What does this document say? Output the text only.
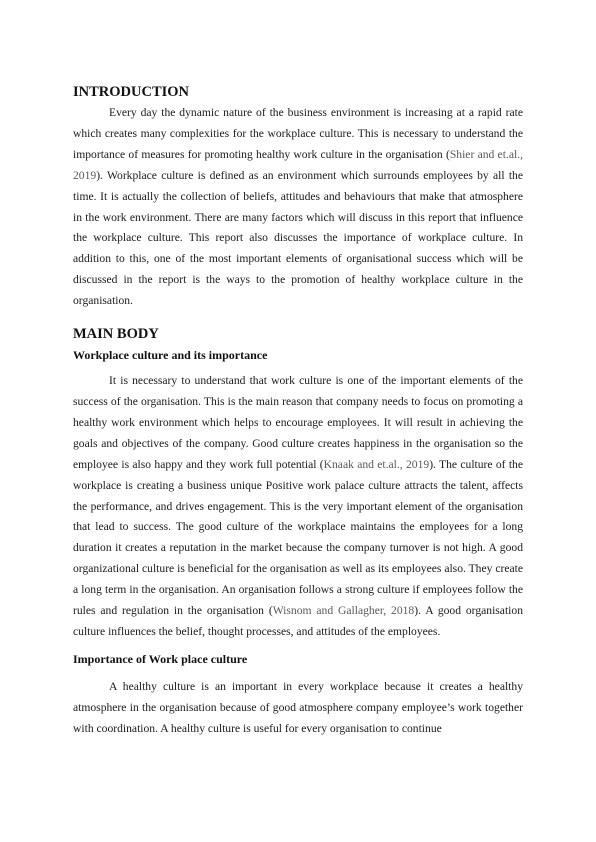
INTRODUCTION

Every day the dynamic nature of the business environment is increasing at a rapid rate which creates many complexities for the workplace culture. This is necessary to understand the importance of measures for promoting healthy work culture in the organisation (Shier and et.al., 2019). Workplace culture is defined as an environment which surrounds employees by all the time. It is actually the collection of beliefs, attitudes and behaviours that make that atmosphere in the work environment. There are many factors which will discuss in this report that influence the workplace culture. This report also discusses the importance of workplace culture. In addition to this, one of the most important elements of organisational success which will be discussed in the report is the ways to the promotion of healthy workplace culture in the organisation.

MAIN BODY
Workplace culture and its importance

It is necessary to understand that work culture is one of the important elements of the success of the organisation. This is the main reason that company needs to focus on promoting a healthy work environment which helps to encourage employees. It will result in achieving the goals and objectives of the company. Good culture creates happiness in the organisation so the employee is also happy and they work full potential (Knaak and et.al., 2019). The culture of the workplace is creating a business unique Positive work palace culture attracts the talent, affects the performance, and drives engagement. This is the very important element of the organisation that lead to success. The good culture of the workplace maintains the employees for a long duration it creates a reputation in the market because the company turnover is not high. A good organizational culture is beneficial for the organisation as well as its employees also. They create a long term in the organisation. An organisation follows a strong culture if employees follow the rules and regulation in the organisation (Wisnom and Gallagher, 2018). A good organisation culture influences the belief, thought processes, and attitudes of the employees.

Importance of Work place culture

A healthy culture is an important in every workplace because it creates a healthy atmosphere in the organisation because of good atmosphere company employee’s work together with coordination. A healthy culture is useful for every organisation to continue
